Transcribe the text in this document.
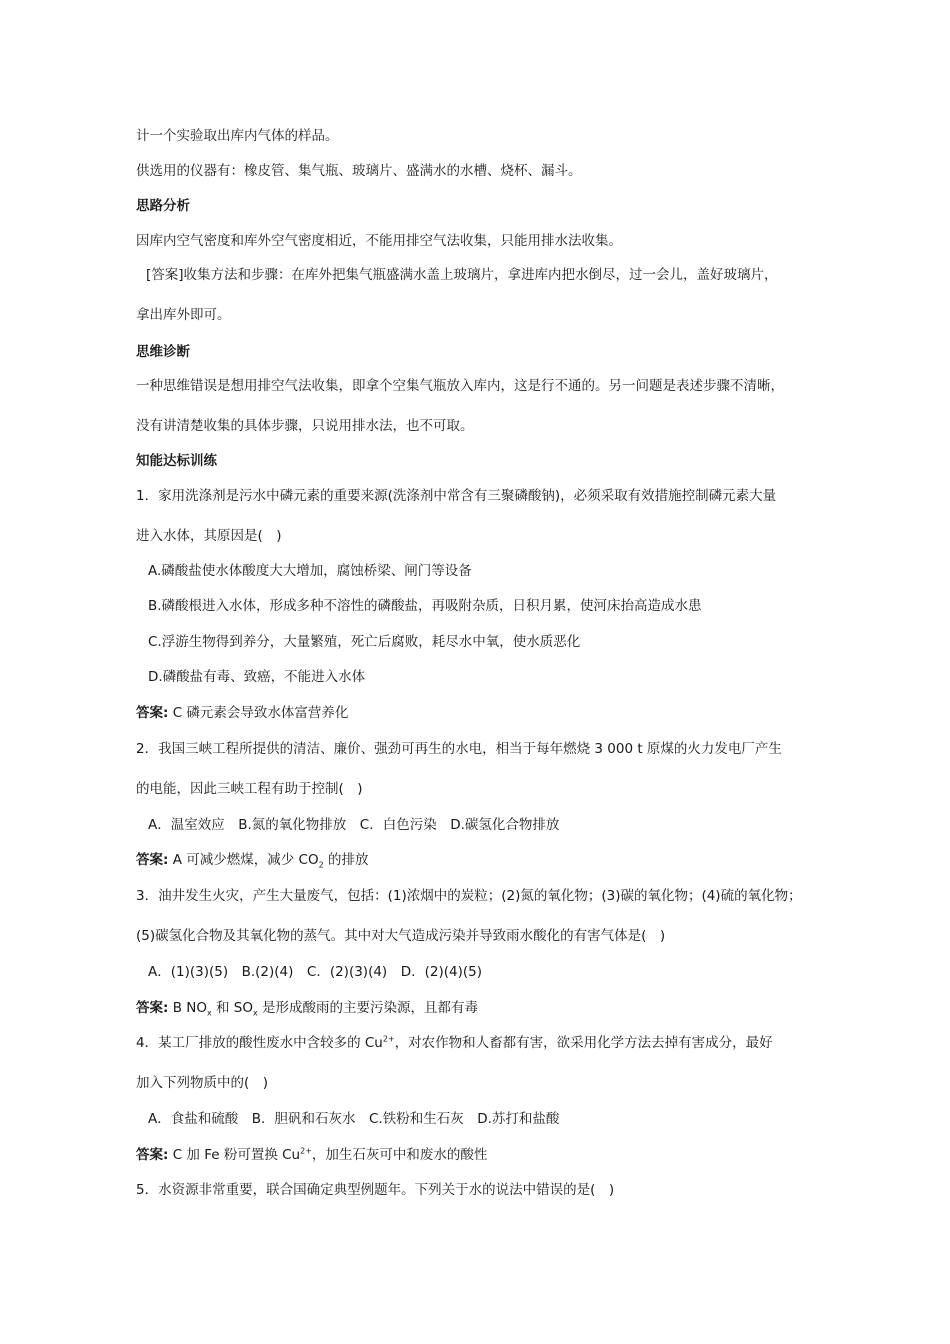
计一个实验取出库内气体的样品。
供选用的仪器有：橡皮管、集气瓶、玻璃片、盛满水的水槽、烧杯、漏斗。
思路分析
因库内空气密度和库外空气密度相近，不能用排空气法收集，只能用排水法收集。
[答案]收集方法和步骤：在库外把集气瓶盛满水盖上玻璃片，拿进库内把水倒尽，过一会儿，盖好玻璃片，
拿出库外即可。
思维诊断
一种思维错误是想用排空气法收集，即拿个空集气瓶放入库内，这是行不通的。另一问题是表述步骤不清晰，
没有讲清楚收集的具体步骤，只说用排水法，也不可取。
知能达标训练
1．家用洗涤剂是污水中磷元素的重要来源(洗涤剂中常含有三聚磷酸钠)，必须采取有效措施控制磷元素大量
进入水体，其原因是(　)
A.磷酸盐使水体酸度大大增加，腐蚀桥梁、闸门等设备
B.磷酸根进入水体，形成多种不溶性的磷酸盐，再吸附杂质，日积月累，使河床抬高造成水患
C.浮游生物得到养分，大量繁殖，死亡后腐败，耗尽水中氧，使水质恶化
D.磷酸盐有毒、致癌，不能进入水体
答案: C 磷元素会导致水体富营养化
2．我国三峡工程所提供的清洁、廉价、强劲可再生的水电，相当于每年燃烧 3 000 t 原煤的火力发电厂产生
的电能，因此三峡工程有助于控制(　)
A．温室效应　B.氮的氧化物排放　C．白色污染　D.碳氢化合物排放
答案: A 可减少燃煤，减少 $CO_2$ 的排放
3．油井发生火灾，产生大量废气，包括：(1)浓烟中的炭粒；(2)氮的氧化物；(3)碳的氧化物；(4)硫的氧化物；
(5)碳氢化合物及其氧化物的蒸气。其中对大气造成污染并导致雨水酸化的有害气体是(　)
A．(1)(3)(5)　B.(2)(4)　C．(2)(3)(4)　D．(2)(4)(5)
答案: B $NO_x$ 和 $SO_x$ 是形成酸雨的主要污染源，且都有毒
4．某工厂排放的酸性废水中含较多的 $Cu^{2+}$，对农作物和人畜都有害，欲采用化学方法去掉有害成分，最好
加入下列物质中的(　)
A．食盐和硫酸　B．胆矾和石灰水　C.铁粉和生石灰　D.苏打和盐酸
答案: C 加 Fe 粉可置换 $Cu^{2+}$，加生石灰可中和废水的酸性
5．水资源非常重要，联合国确定典型例题年。下列关于水的说法中错误的是(　)
